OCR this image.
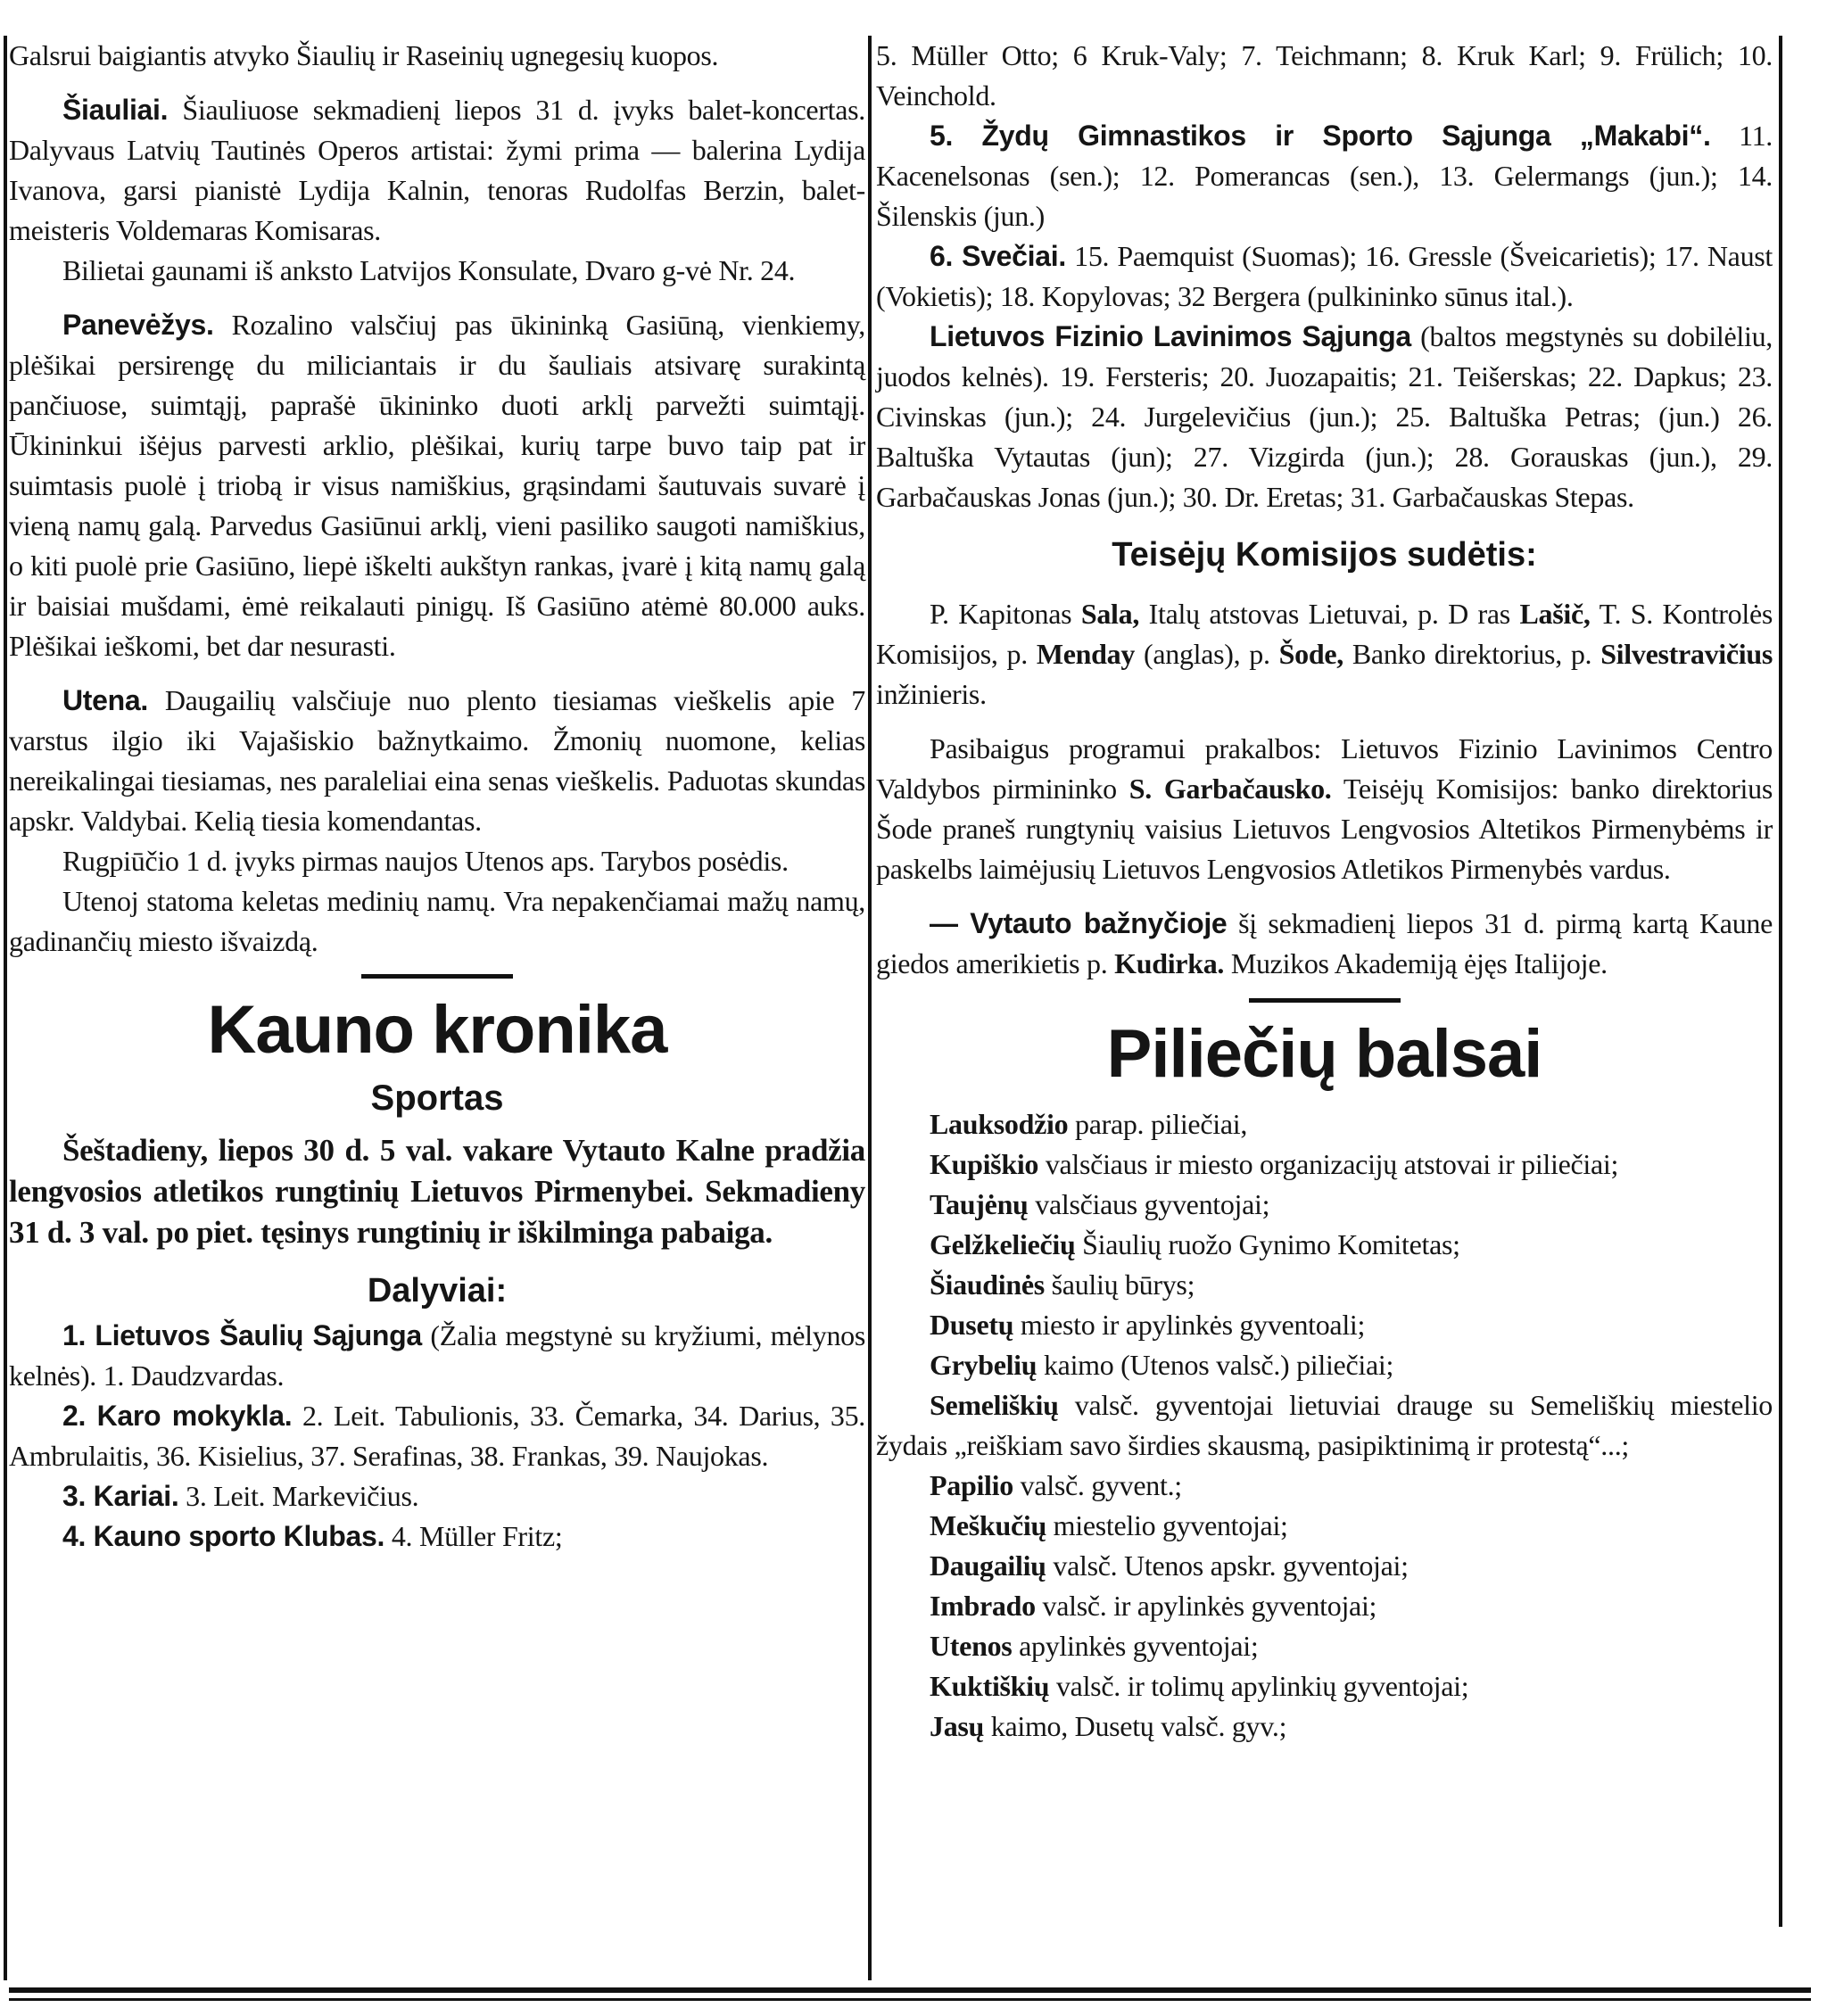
Galsrui baigiantis atvyko Šiaulių ir Raseinių ugnegesių kuopos.

Šiauliai. Šiauliuose sekmadienį liepos 31 d. įvyks balet-koncertas. Dalyvaus Latvių Tautinės Operos artistai: žymi prima — balerina Lydija Ivanova, garsi pianistė Lydija Kalnin, tenoras Rudolfas Berzin, balet-meisteris Voldemaras Komisaras.

Bilietai gaunami iš anksto Latvijos Konsulate, Dvaro g-vė Nr. 24.

Panevėžys. Rozalino valsčiuj pas ūkininką Gasiūną, vienkiemy, plėšikai persirengę du miliciantais ir du šauliais atsivarę surakintą pančiuose, suimtąjį, paprašė ūkininko duoti arklį parvežti suimtąjį. Ūkininkui išėjus parvesti arklio, plėšikai, kurių tarpe buvo taip pat ir suimtasis puolė į triobą ir visus namiškius, grąsindami šautuvais suvarė į vieną namų galą. Parvedus Gasiūnui arklį, vieni pasiliko saugoti namiškius, o kiti puolė prie Gasiūno, liepė iškelti aukštyn rankas, įvarė į kitą namų galą ir baisiai mušdami, ėmė reikalauti pinigų. Iš Gasiūno atėmė 80.000 auks. Plėšikai ieškomi, bet dar nesurasti.

Utena. Daugailių valsčiuje nuo plento tiesiamas vieškelis apie 7 varstus ilgio iki Vajašiskio bažnytkaimo. Žmonių nuomone, kelias nereikalingai tiesiamas, nes paraleliai eina senas vieškelis. Paduotas skundas apskr. Valdybai. Kelią tiesia komendantas.

Rugpiūčio 1 d. įvyks pirmas naujos Utenos aps. Tarybos posėdis.

Utenoj statoma keletas medinių namų. Vra nepakenčiamai mažų namų, gadinančių miesto išvaizdą.

Kauno kronika
Sportas

Šeštadieny, liepos 30 d. 5 val. vakare Vytauto Kalne pradžia lengvosios atletikos rungtinių Lietuvos Pirmenybei. Sekmadieny 31 d. 3 val. po piet. tęsinys rungtinių ir iškilminga pabaiga.

Dalyviai:

1. Lietuvos Šaulių Sąjunga (Žalia megstynė su kryžiumi, mėlynos kelnės). 1. Daudzvardas.

2. Karo mokykla. 2. Leit. Tabulionis, 33. Čemarka, 34. Darius, 35. Ambrulaitis, 36. Kisielius, 37. Serafinas, 38. Frankas, 39. Naujokas.

3. Kariai. 3. Leit. Markevičius.

4. Kauno sporto Klubas. 4. Müller Fritz;

5. Müller Otto; 6 Kruk-Valy; 7. Teichmann; 8. Kruk Karl; 9. Frülich; 10. Veinchold.

5. Žydų Gimnastikos ir Sporto Sąjunga „Makabi“. 11. Kacenelsonas (sen.); 12. Pomerancas (sen.), 13. Gelermangs (jun.); 14. Šilenskis (jun.)

6. Svečiai. 15. Paemquist (Suomas); 16. Gressle (Šveicarietis); 17. Naust (Vokietis); 18. Kopylovas; 32 Bergera (pulkininko sūnus ital.).

Lietuvos Fizinio Lavinimos Sąjunga (baltos megstynės su dobilėliu, juodos kelnės). 19. Fersteris; 20. Juozapaitis; 21. Teišerskas; 22. Dapkus; 23. Civinskas (jun.); 24. Jurgelevičius (jun.); 25. Baltuška Petras; (jun.) 26. Baltuška Vytautas (jun); 27. Vizgirda (jun.); 28. Gorauskas (jun.), 29. Garbačauskas Jonas (jun.); 30. Dr. Eretas; 31. Garbačauskas Stepas.

Teisėjų Komisijos sudėtis:

P. Kapitonas Sala, Italų atstovas Lietuvai, p. D ras Lašič, T. S. Kontrolės Komisijos, p. Menday (anglas), p. Šode, Banko direktorius, p. Silvestravičius inžinieris.

Pasibaigus programui prakalbos: Lietuvos Fizinio Lavinimos Centro Valdybos pirmininko S. Garbačausko. Teisėjų Komisijos: banko direktorius Šode praneš rungtynių vaisius Lietuvos Lengvosios Altetikos Pirmenybėms ir paskelbs laimėjusių Lietuvos Lengvosios Atletikos Pirmenybės vardus.

— Vytauto bažnyčioje šį sekmadienį liepos 31 d. pirmą kartą Kaune giedos amerikietis p. Kudirka. Muzikos Akademiją ėjęs Italijoje.

Piliečių balsai

Lauksodžio parap. piliečiai,

Kupiškio valsčiaus ir miesto organizacijų atstovai ir piliečiai;

Taujėnų valsčiaus gyventojai;

Gelžkeliečių Šiaulių ruožo Gynimo Komitetas;

Šiaudinės šaulių būrys;

Dusetų miesto ir apylinkės gyventoali;

Grybelių kaimo (Utenos valsč.) piliečiai;

Semeliškių valsč. gyventojai lietuviai drauge su Semeliškių miestelio žydais „reiškiam savo širdies skausmą, pasipiktinimą ir protestą“...;

Papilio valsč. gyvent.;

Meškučių miestelio gyventojai;

Daugailių valsč. Utenos apskr. gyventojai;

Imbrado valsč. ir apylinkės gyventojai;

Utenos apylinkės gyventojai;

Kuktiškių valsč. ir tolimų apylinkių gyventojai;

Jasų kaimo, Dusetų valsč. gyv.;
